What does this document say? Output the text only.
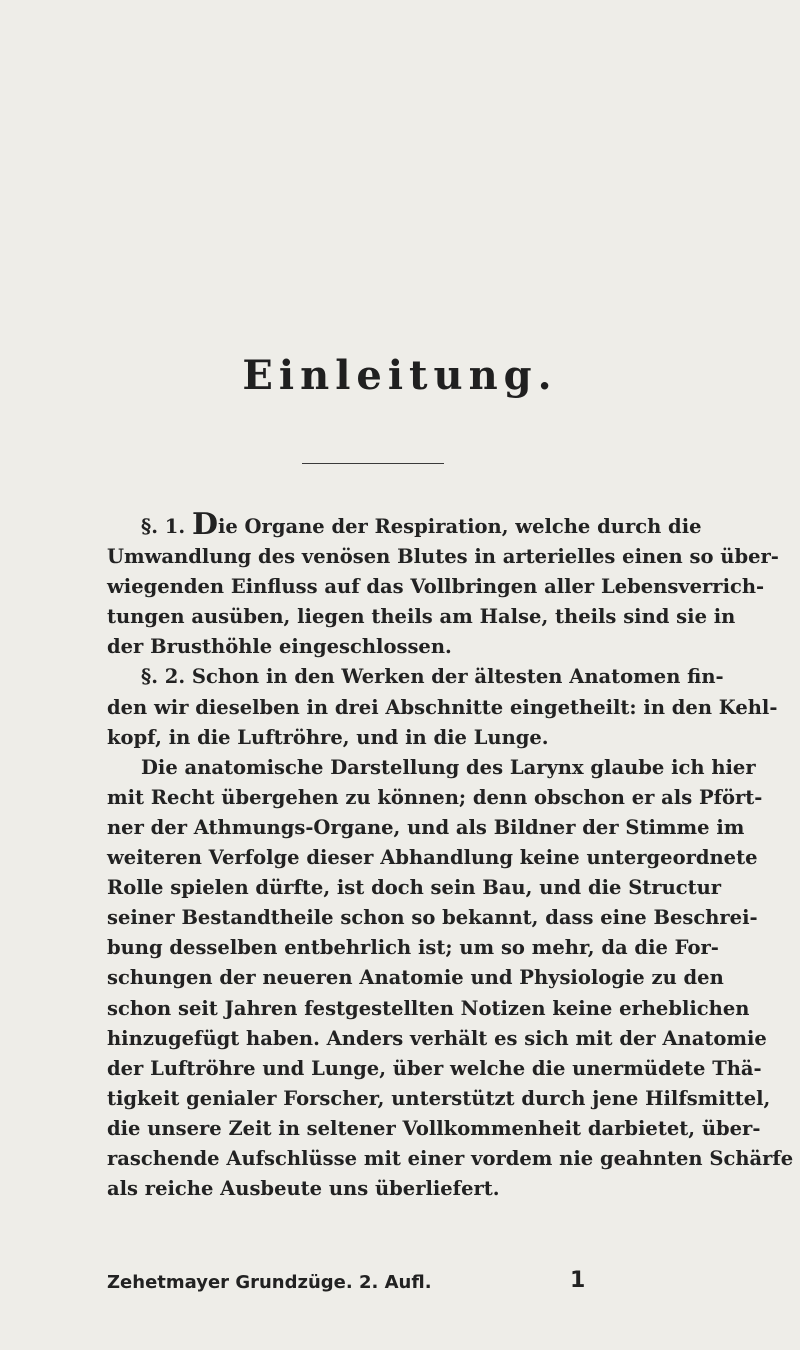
Einleitung.
§. 1. Die Organe der Respiration, welche durch die
Umwandlung des venösen Blutes in arterielles einen so über-
wiegenden Einfluss auf das Vollbringen aller Lebensverrich-
tungen ausüben, liegen theils am Halse, theils sind sie in
der Brusthöhle eingeschlossen.
§. 2. Schon in den Werken der ältesten Anatomen fin-
den wir dieselben in drei Abschnitte eingetheilt: in den Kehl-
kopf, in die Luftröhre, und in die Lunge.
Die anatomische Darstellung des Larynx glaube ich hier
mit Recht übergehen zu können; denn obschon er als Pfört-
ner der Athmungs-Organe, und als Bildner der Stimme im
weiteren Verfolge dieser Abhandlung keine untergeordnete
Rolle spielen dürfte, ist doch sein Bau, und die Structur
seiner Bestandtheile schon so bekannt, dass eine Beschrei-
bung desselben entbehrlich ist; um so mehr, da die For-
schungen der neueren Anatomie und Physiologie zu den
schon seit Jahren festgestellten Notizen keine erheblichen
hinzugefügt haben. Anders verhält es sich mit der Anatomie
der Luftröhre und Lunge, über welche die unermüdete Thä-
tigkeit genialer Forscher, unterstützt durch jene Hilfsmittel,
die unsere Zeit in seltener Vollkommenheit darbietet, über-
raschende Aufschlüsse mit einer vordem nie geahnten Schärfe
als reiche Ausbeute uns überliefert.
Zehetmayer Grundzüge. 2. Aufl.	1
